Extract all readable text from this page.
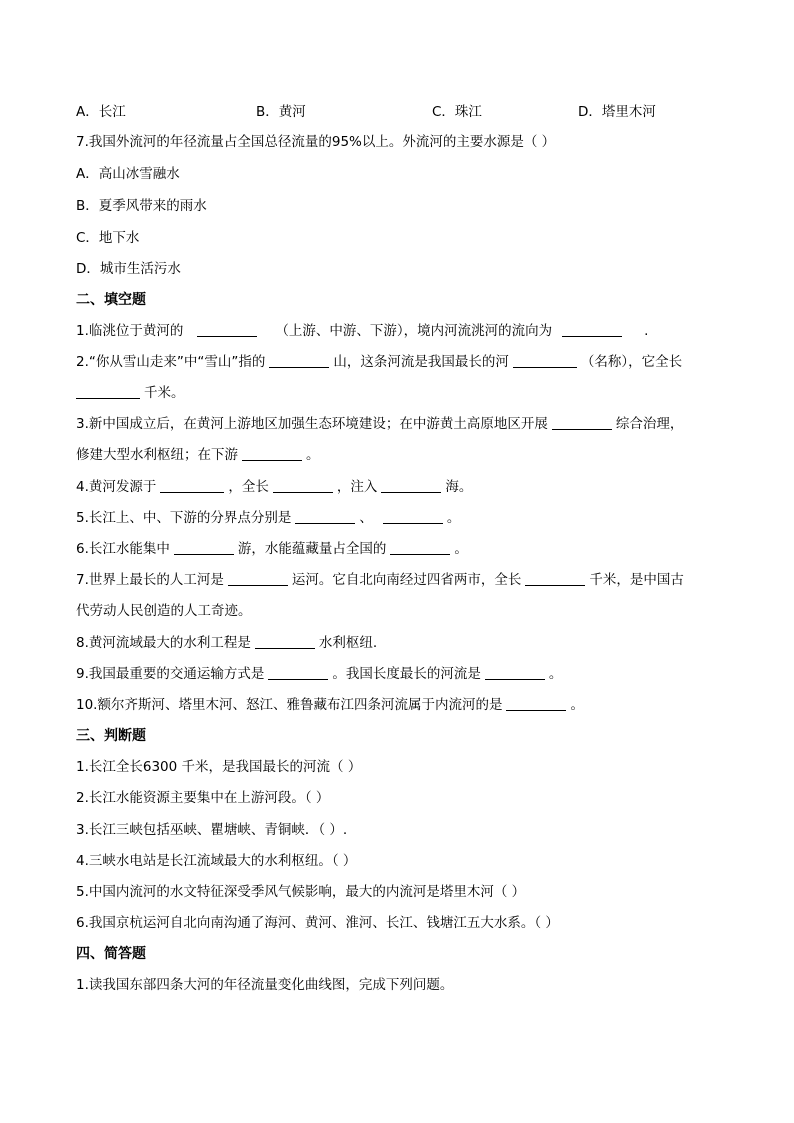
A．长江	B．黄河	C．珠江	D．塔里木河
7.我国外流河的年径流量占全国总径流量的95%以上。外流河的主要水源是（ ）
A．高山冰雪融水
B．夏季风带来的雨水
C．地下水
D．城市生活污水
二、填空题
1.临洮位于黄河的	（上游、中游、下游），境内河流洮河的流向为	.
2.“你从雪山走来”中“雪山”指的	山，这条河流是我国最长的河	（名称），它全长
千米。
3.新中国成立后，在黄河上游地区加强生态环境建设；在中游黄土高原地区开展	综合治理，
修建大型水利枢纽；在下游	。
4.黄河发源于	，全长	，注入	海。
5.长江上、中、下游的分界点分别是	、	。
6.长江水能集中	游，水能蕴藏量占全国的	。
7.世界上最长的人工河是	运河。它自北向南经过四省两市，全长	千米，是中国古
代劳动人民创造的人工奇迹。
8.黄河流域最大的水利工程是	水利枢纽.
9.我国最重要的交通运输方式是	。我国长度最长的河流是	。
10.额尔齐斯河、塔里木河、怒江、雅鲁藏布江四条河流属于内流河的是	。
三、判断题
1.长江全长6300 千米，是我国最长的河流（ ）
2.长江水能资源主要集中在上游河段。（ ）
3.长江三峡包括巫峡、瞿塘峡、青铜峡．（ ）.
4.三峡水电站是长江流域最大的水利枢纽。（ ）
5.中国内流河的水文特征深受季风气候影响，最大的内流河是塔里木河（ ）
6.我国京杭运河自北向南沟通了海河、黄河、淮河、长江、钱塘江五大水系。（ ）
四、简答题
1.读我国东部四条大河的年径流量变化曲线图，完成下列问题。
